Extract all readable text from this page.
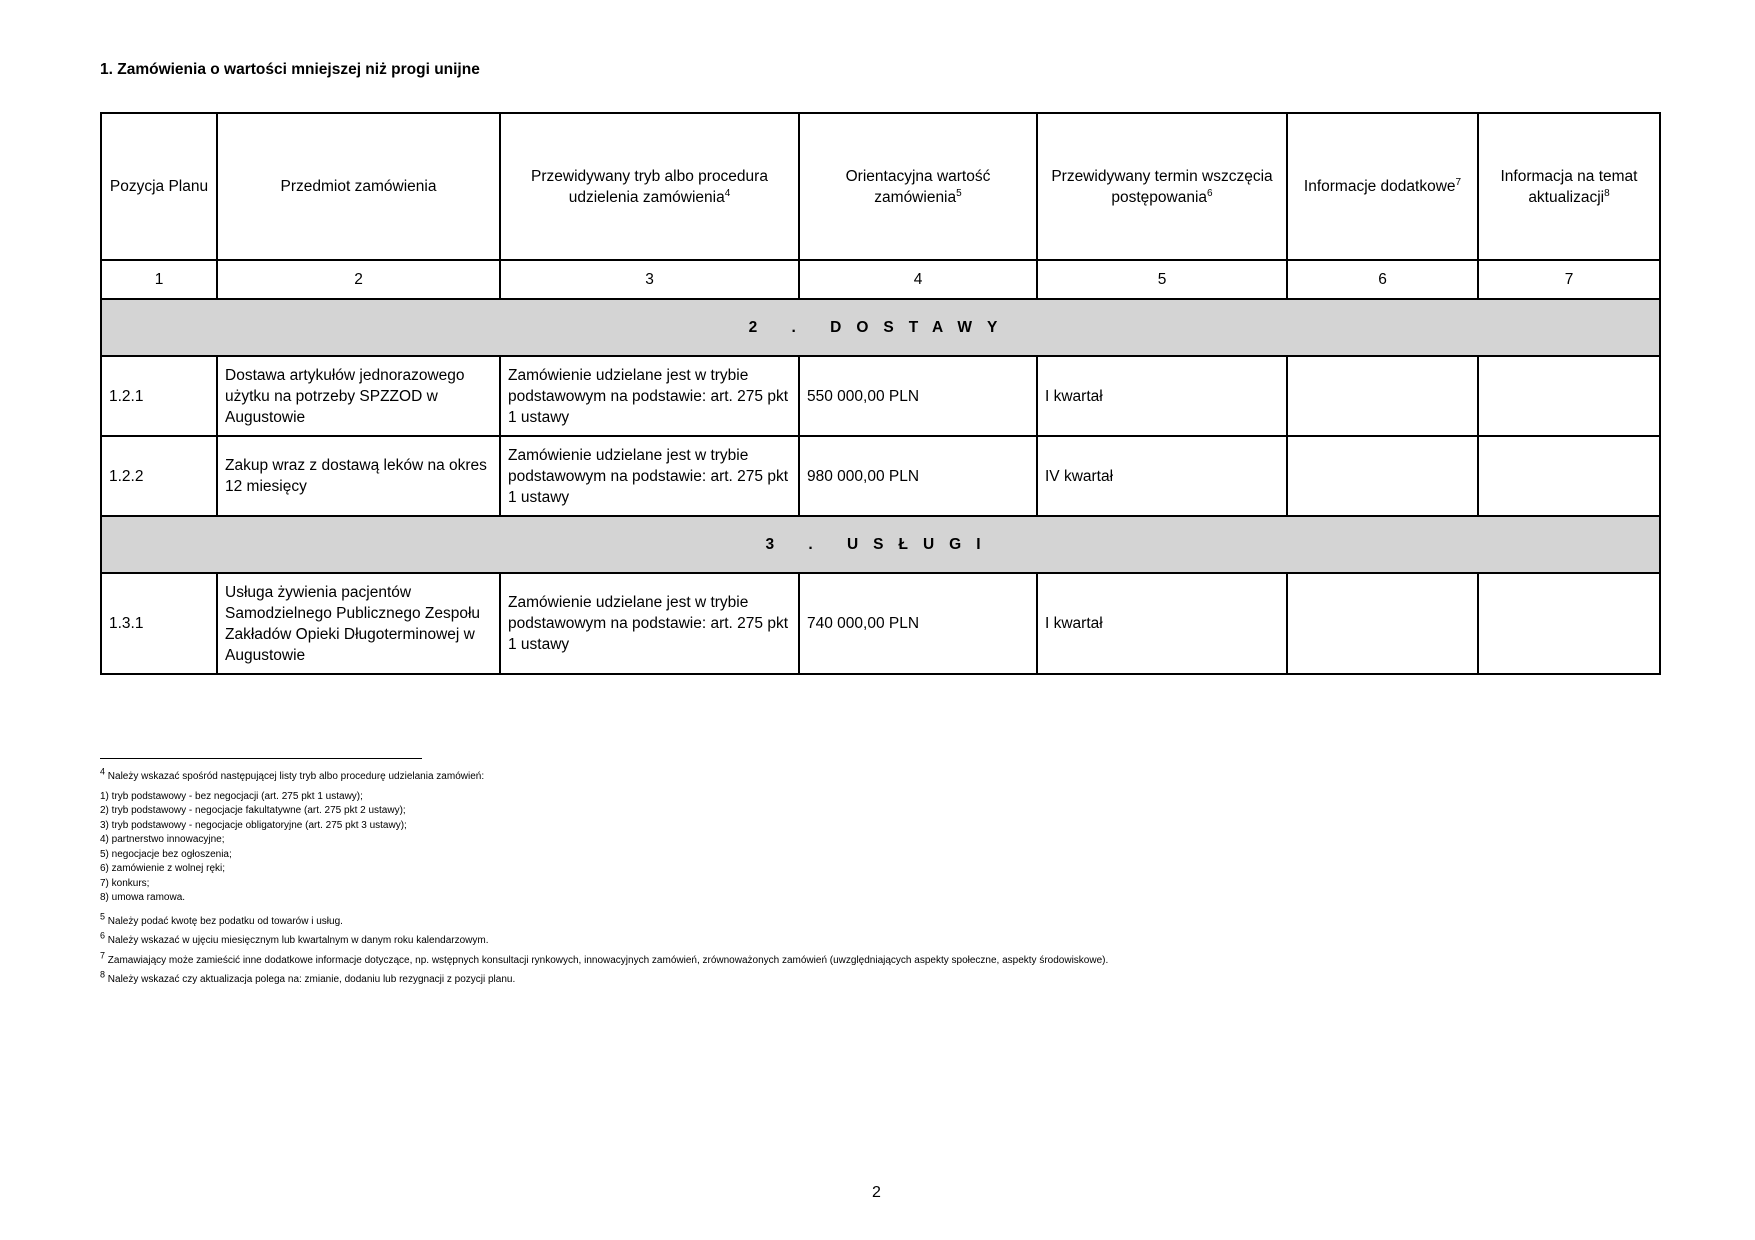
1. Zamówienia o wartości mniejszej niż progi unijne
Pozycja Planu	Przedmiot zamówienia	Przewidywany tryb albo procedura udzielenia zamówienia$^4$	Orientacyjna wartość zamówienia$^5$	Przewidywany termin wszczęcia postępowania$^6$	Informacje dodatkowe$^7$	Informacja na temat aktualizacji$^8$
1	2	3	4	5	6	7
2 . DOSTAWY						
1.2.1	Dostawa artykułów jednorazowego użytku na potrzeby SPZZOD w Augustowie	Zamówienie udzielane jest w trybie podstawowym na podstawie: art. 275 pkt 1 ustawy	550 000,00 PLN	I kwartał		
1.2.2	Zakup wraz z dostawą leków na okres 12 miesięcy	Zamówienie udzielane jest w trybie podstawowym na podstawie: art. 275 pkt 1 ustawy	980 000,00 PLN	IV kwartał		
3 . USŁUGI						
1.3.1	Usługa żywienia pacjentów Samodzielnego Publicznego Zespołu Zakładów Opieki Długoterminowej w Augustowie	Zamówienie udzielane jest w trybie podstawowym na podstawie: art. 275 pkt 1 ustawy	740 000,00 PLN	I kwartał		
$^4$ Należy wskazać spośród następującej listy tryb albo procedurę udzielania zamówień:
1) tryb podstawowy - bez negocjacji (art. 275 pkt 1 ustawy);
2) tryb podstawowy - negocjacje fakultatywne (art. 275 pkt 2 ustawy);
3) tryb podstawowy - negocjacje obligatoryjne (art. 275 pkt 3 ustawy);
4) partnerstwo innowacyjne;
5) negocjacje bez ogłoszenia;
6) zamówienie z wolnej ręki;
7) konkurs;
8) umowa ramowa.
$^5$ Należy podać kwotę bez podatku od towarów i usług.
$^6$ Należy wskazać w ujęciu miesięcznym lub kwartalnym w danym roku kalendarzowym.
$^7$ Zamawiający może zamieścić inne dodatkowe informacje dotyczące, np. wstępnych konsultacji rynkowych, innowacyjnych zamówień, zrównoważonych zamówień (uwzględniających aspekty społeczne, aspekty środowiskowe).
$^8$ Należy wskazać czy aktualizacja polega na: zmianie, dodaniu lub rezygnacji z pozycji planu.
2
